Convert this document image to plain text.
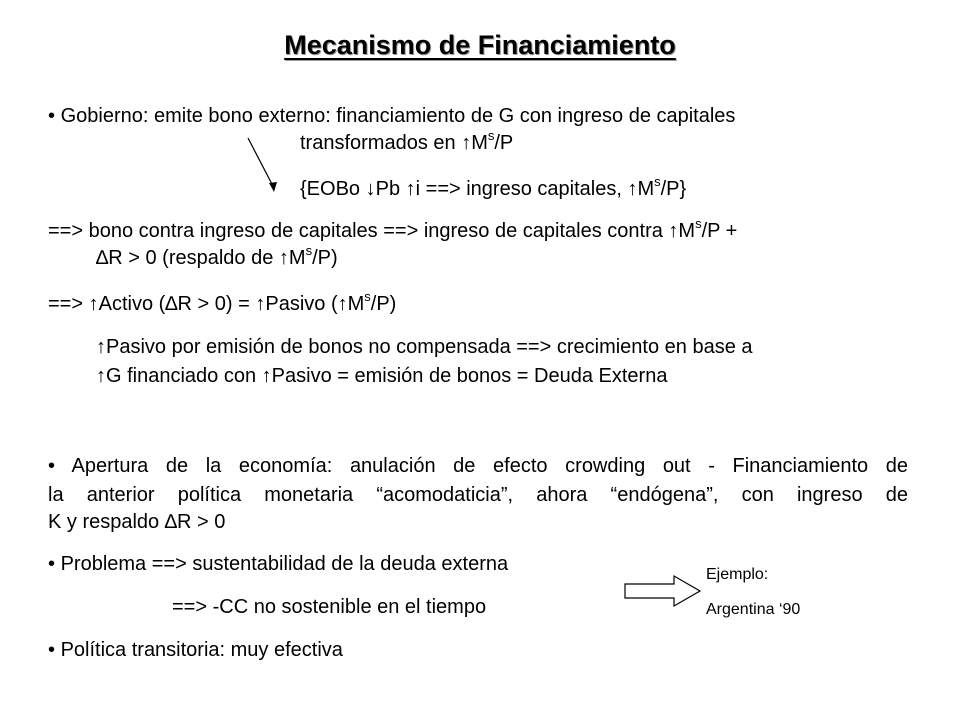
Mecanismo de Financiamiento
• Gobierno: emite bono externo: financiamiento de G con ingreso de capitales
transformados en $↑M^s/P$
{EOBo ↓Pb ↑i ==> ingreso capitales, $↑M^s/P$}
==> bono contra ingreso de capitales ==> ingreso de capitales contra $↑M^s/P$ +
∆R > 0 (respaldo de $↑M^s/P$)
==> ↑Activo ( ∆ R > 0) = ↑Pasivo ( ↑ $M^s/P$)
↑Pasivo por emisión de bonos no compensada ==> crecimiento en base a
↑G financiado con ↑Pasivo = emisión de bonos = Deuda Externa
• Apertura de la economía: anulación de efecto crowding out - Financiamiento de
la anterior política monetaria “acomodaticia”, ahora “endógena”, con ingreso de
K y respaldo ∆R > 0
• Problema ==> sustentabilidad de la deuda externa
==> -CC no sostenible en el tiempo
Ejemplo:
Argentina ‘90
• Política transitoria: muy efectiva
